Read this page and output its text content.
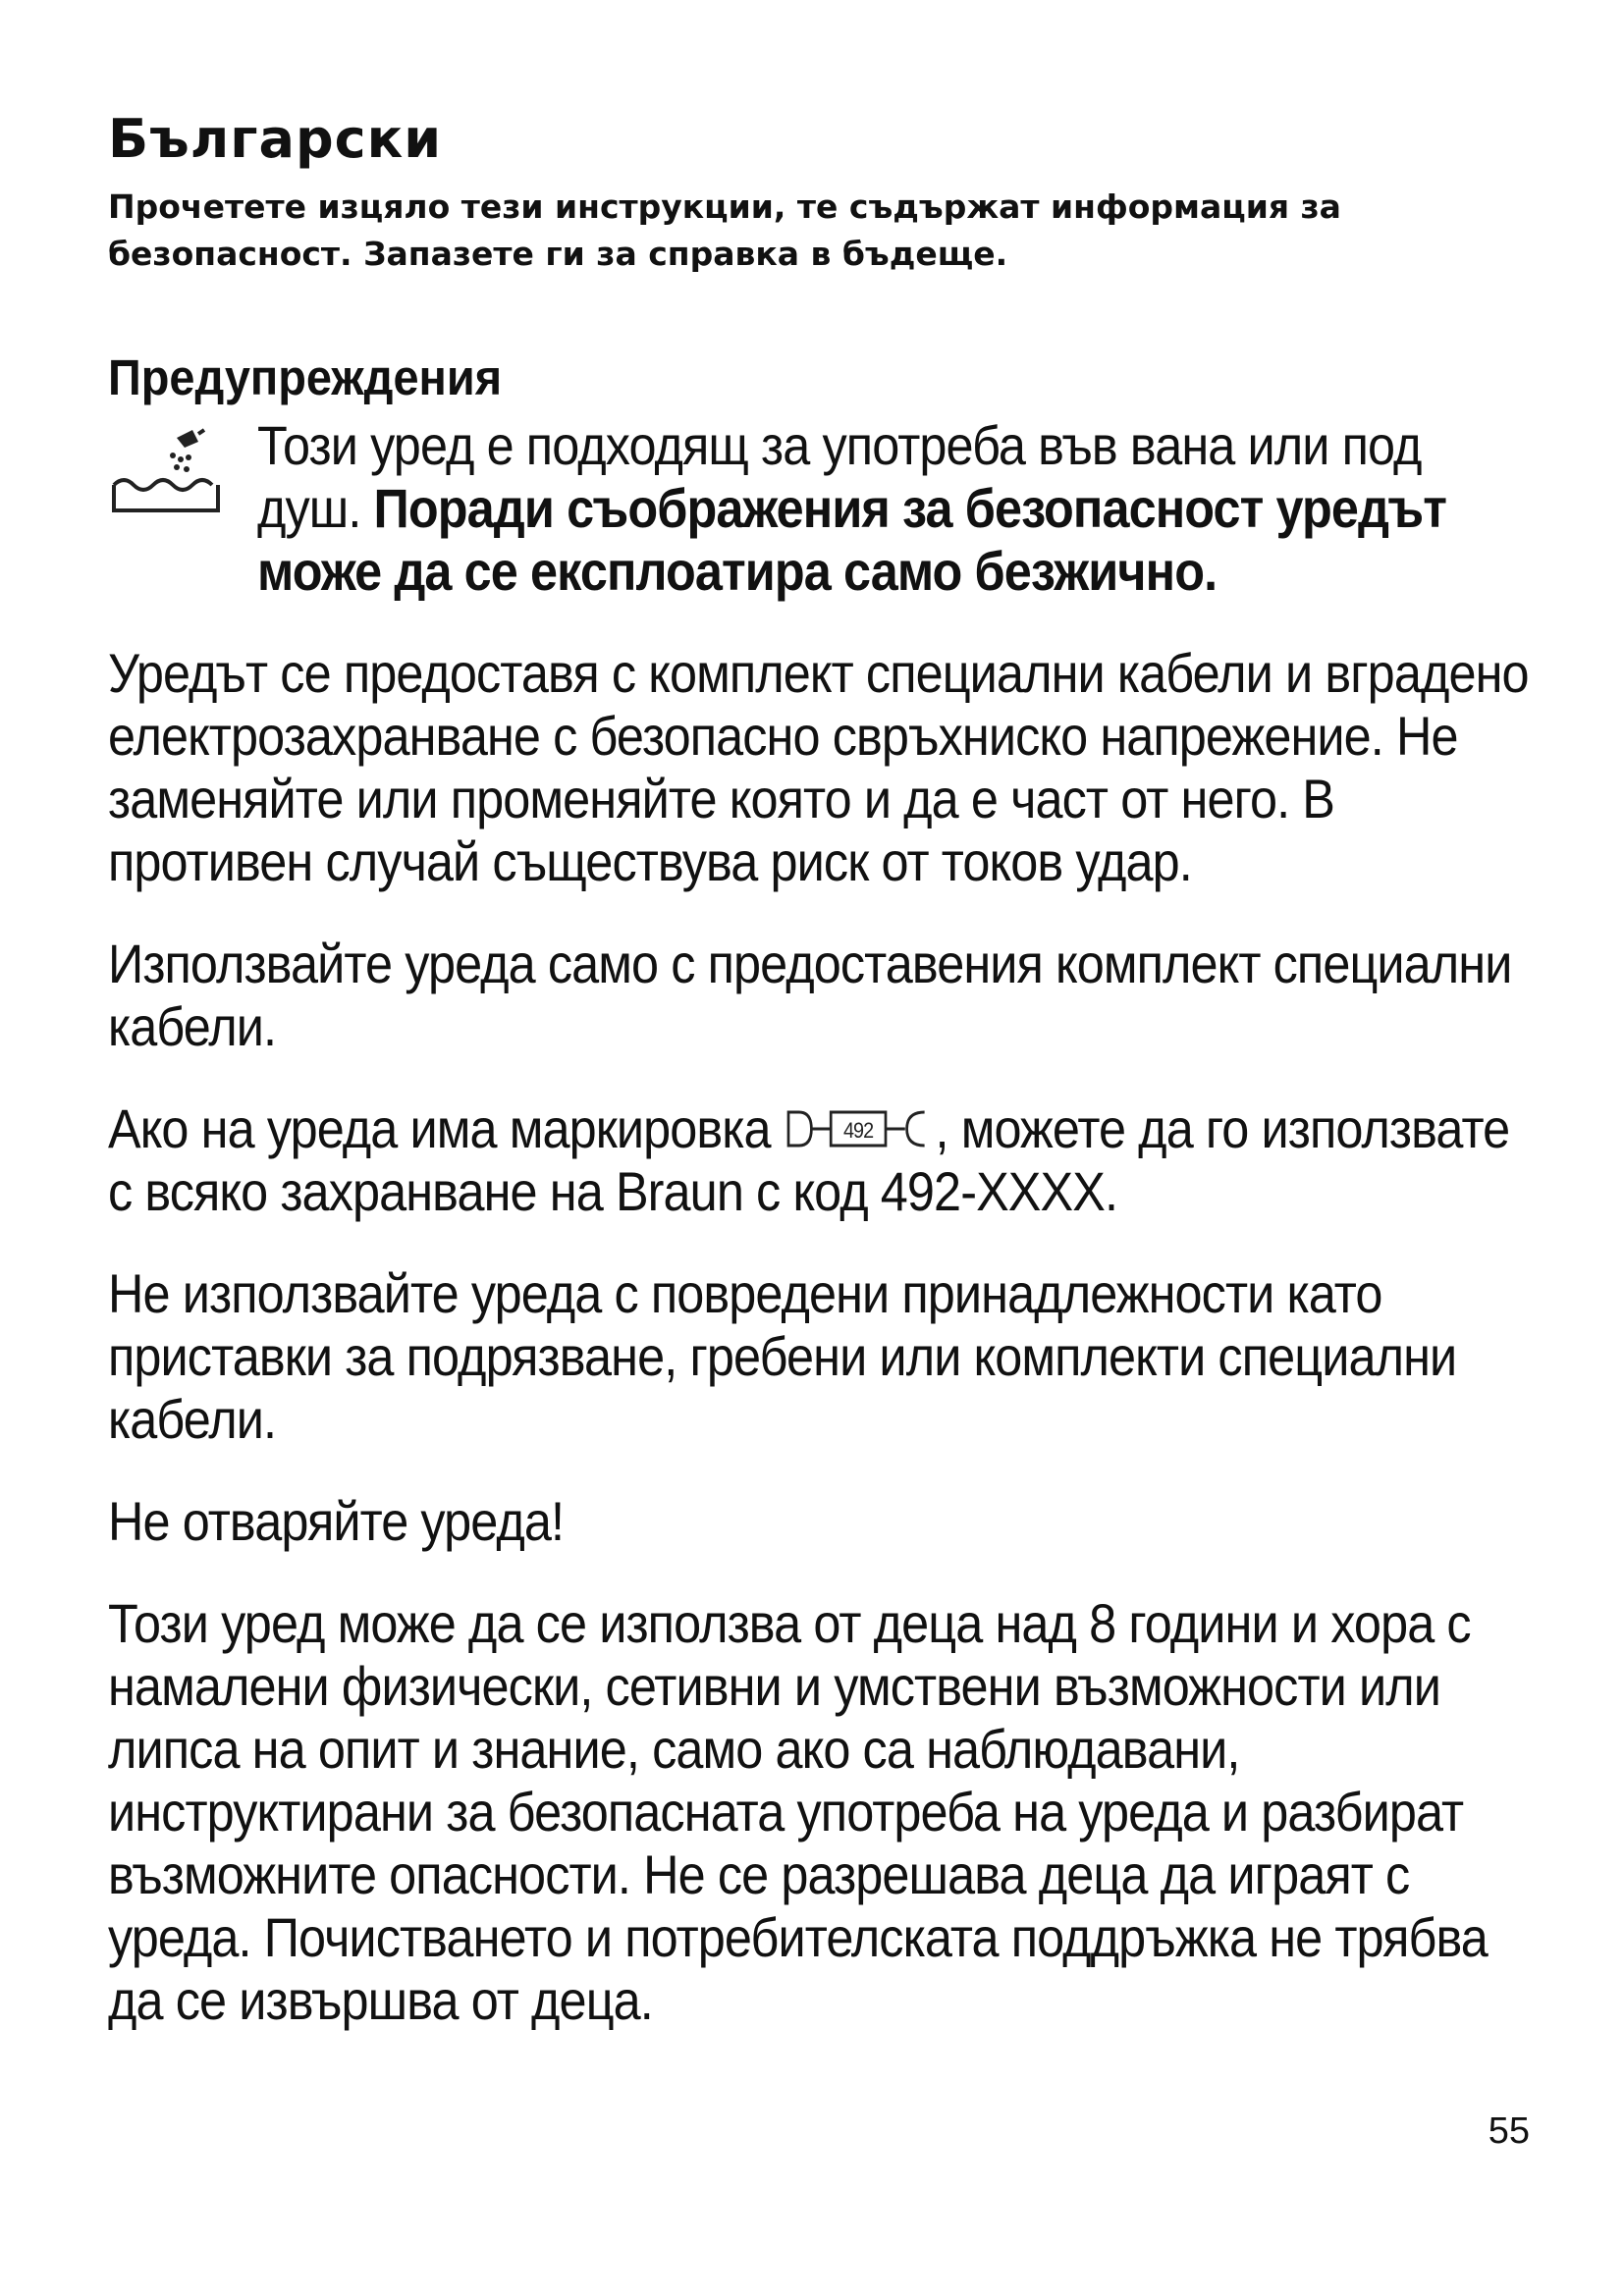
Български

Прочетете изцяло тези инструкции, те съдържат информация за безопасност. Запазете ги за справка в бъдеще.

Предупреждения

Този уред е подходящ за употреба във вана или под душ. Поради съображения за безопасност уредът може да се експлоатира само безжично.

Уредът се предоставя с комплект специални кабели и вградено електрозахранване с безопасно свръхниско напрежение. Не заменяйте или променяйте която и да е част от него. В противен случай съществува риск от токов удар.

Използвайте уреда само с предоставения комплект специални кабели.

Ако на уреда има маркировка	492 , можете да го използвате с всяко захранване на Braun с код 492-XXXX.

Не използвайте уреда с повредени принадлежности като приставки за подрязване, гребени или комплекти специални кабели.

Не отваряйте уреда!

Този уред може да се използва от деца над 8 години и хора с намалени физически, сетивни и умствени възможности или липса на опит и знание, само ако са наблюдавани, инструктирани за безопасната употреба на уреда и разбират възможните опасности. Не се разрешава деца да играят с уреда. Почистването и потребителската поддръжка не трябва да се извършва от деца.

55
